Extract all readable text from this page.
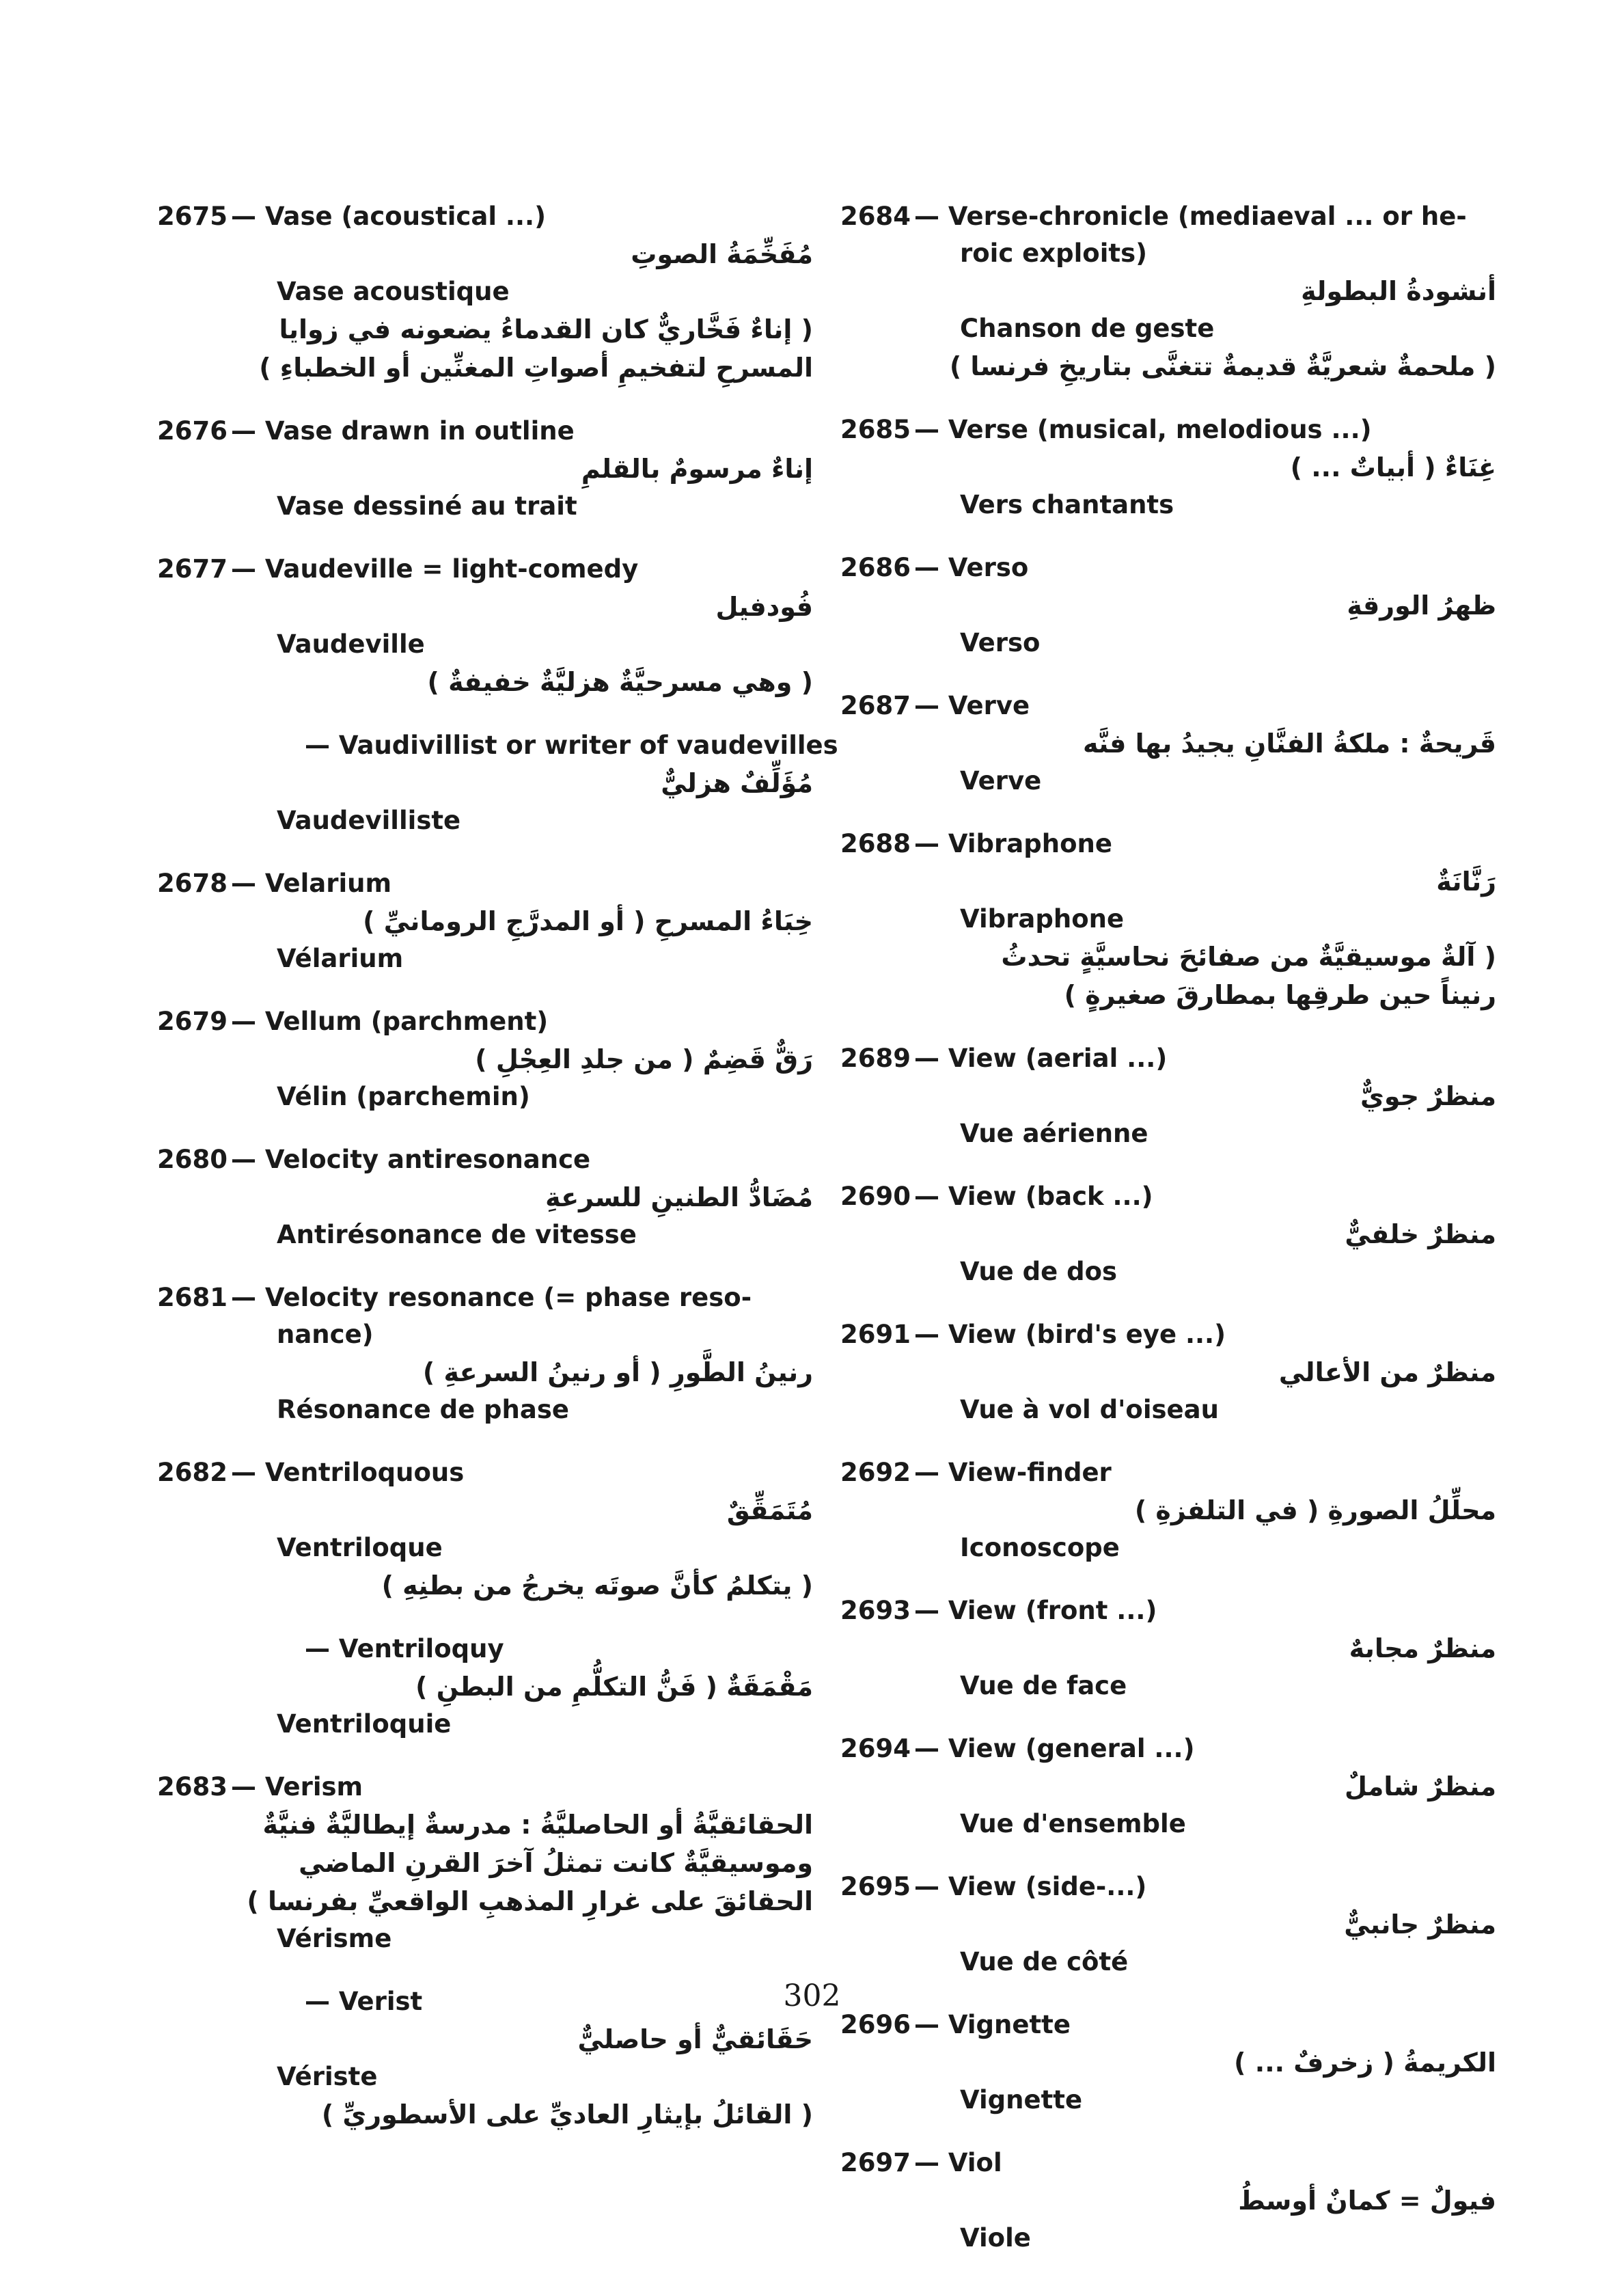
2675 — Vase (acoustical ...)
مُفَخِّمَةُ الصوتِ
Vase acoustique
( إناءٌ فَخَّاريٌّ كان القدماءُ يضعونه في زوايا
المسرحِ لتفخيمِ أصواتِ المغنِّين أو الخطباءِ )
2676 — Vase drawn in outline
إناءٌ مرسومٌ بالقلمِ
Vase dessiné au trait
2677 — Vaudeville = light-comedy
فُودفيل
Vaudeville
( وهي مسرحيَّةٌ هزليَّةٌ خفيفةٌ )
— Vaudivillist or writer of vaudevilles
مُؤَلِّفٌ هزليٌّ
Vaudevilliste
2678 — Velarium
خِبَاءُ المسرحِ ( أو المدرَّجِ الرومانيِّ )
Vélarium
2679 — Vellum (parchment)
رَقٌّ قَضِمٌ ( من جلدِ العِجْلِ )
Vélin (parchemin)
2680 — Velocity antiresonance
مُضَادُّ الطنينِ للسرعةِ
Antirésonance de vitesse
2681 — Velocity resonance (= phase reso-
nance)
رنينُ الطَّورِ ( أو رنينُ السرعةِ )
Résonance de phase
2682 — Ventriloquous
مُتَمَقِّقٌ
Ventriloque
( يتكلمُ كأنَّ صوتَه يخرجُ من بطنِهِ )
— Ventriloquy
مَقْمَقَةٌ ( فَنُّ التكلُّمِ من البطنِ )
Ventriloquie
2683 — Verism
الحقائقيَّةُ أو الحاصليَّةُ : مدرسةٌ إيطاليَّةٌ فنيَّةٌ
وموسيقيَّةٌ كانت تمثلُ آخرَ القرنِ الماضي
الحقائقَ على غرارِ المذهبِ الواقعيِّ بفرنسا )
Vérisme
— Verist
حَقَائقيٌّ أو حاصليٌّ
Vériste
( القائلُ بإيثارِ العاديِّ على الأسطوريِّ )
2684 — Verse-chronicle (mediaeval ... or he-
roic exploits)
أنشودةُ البطولةِ
Chanson de geste
( ملحمةٌ شعريَّةٌ قديمةٌ تتغنَّى بتاريخِ فرنسا )
2685 — Verse (musical, melodious ...)
غِنَاءٌ ( أبياتٌ ... )
Vers chantants
2686 — Verso
ظهرُ الورقةِ
Verso
2687 — Verve
قَريحةٌ : ملكةُ الفنَّانِ يجيدُ بها فنَّه
Verve
2688 — Vibraphone
رَنَّانَةٌ
Vibraphone
( آلةٌ موسيقيَّةٌ من صفائحَ نحاسيَّةٍ تحدثُ
رنيناً حين طرقِها بمطارقَ صغيرةٍ )
2689 — View (aerial ...)
منظرٌ جويٌّ
Vue aérienne
2690 — View (back ...)
منظرٌ خلفيٌّ
Vue de dos
2691 — View (bird's eye ...)
منظرٌ من الأعالي
Vue à vol d'oiseau
2692 — View-finder
محلِّلُ الصورةِ ( في التلفزةِ )
Iconoscope
2693 — View (front ...)
منظرٌ مجابهٌ
Vue de face
2694 — View (general ...)
منظرٌ شاملٌ
Vue d'ensemble
2695 — View (side-...)
منظرٌ جانبيٌّ
Vue de côté
2696 — Vignette
الكريمةُ ( زخرفٌ ... )
Vignette
2697 — Viol
فيولٌ = كمانٌ أوسطُ
Viole
302
